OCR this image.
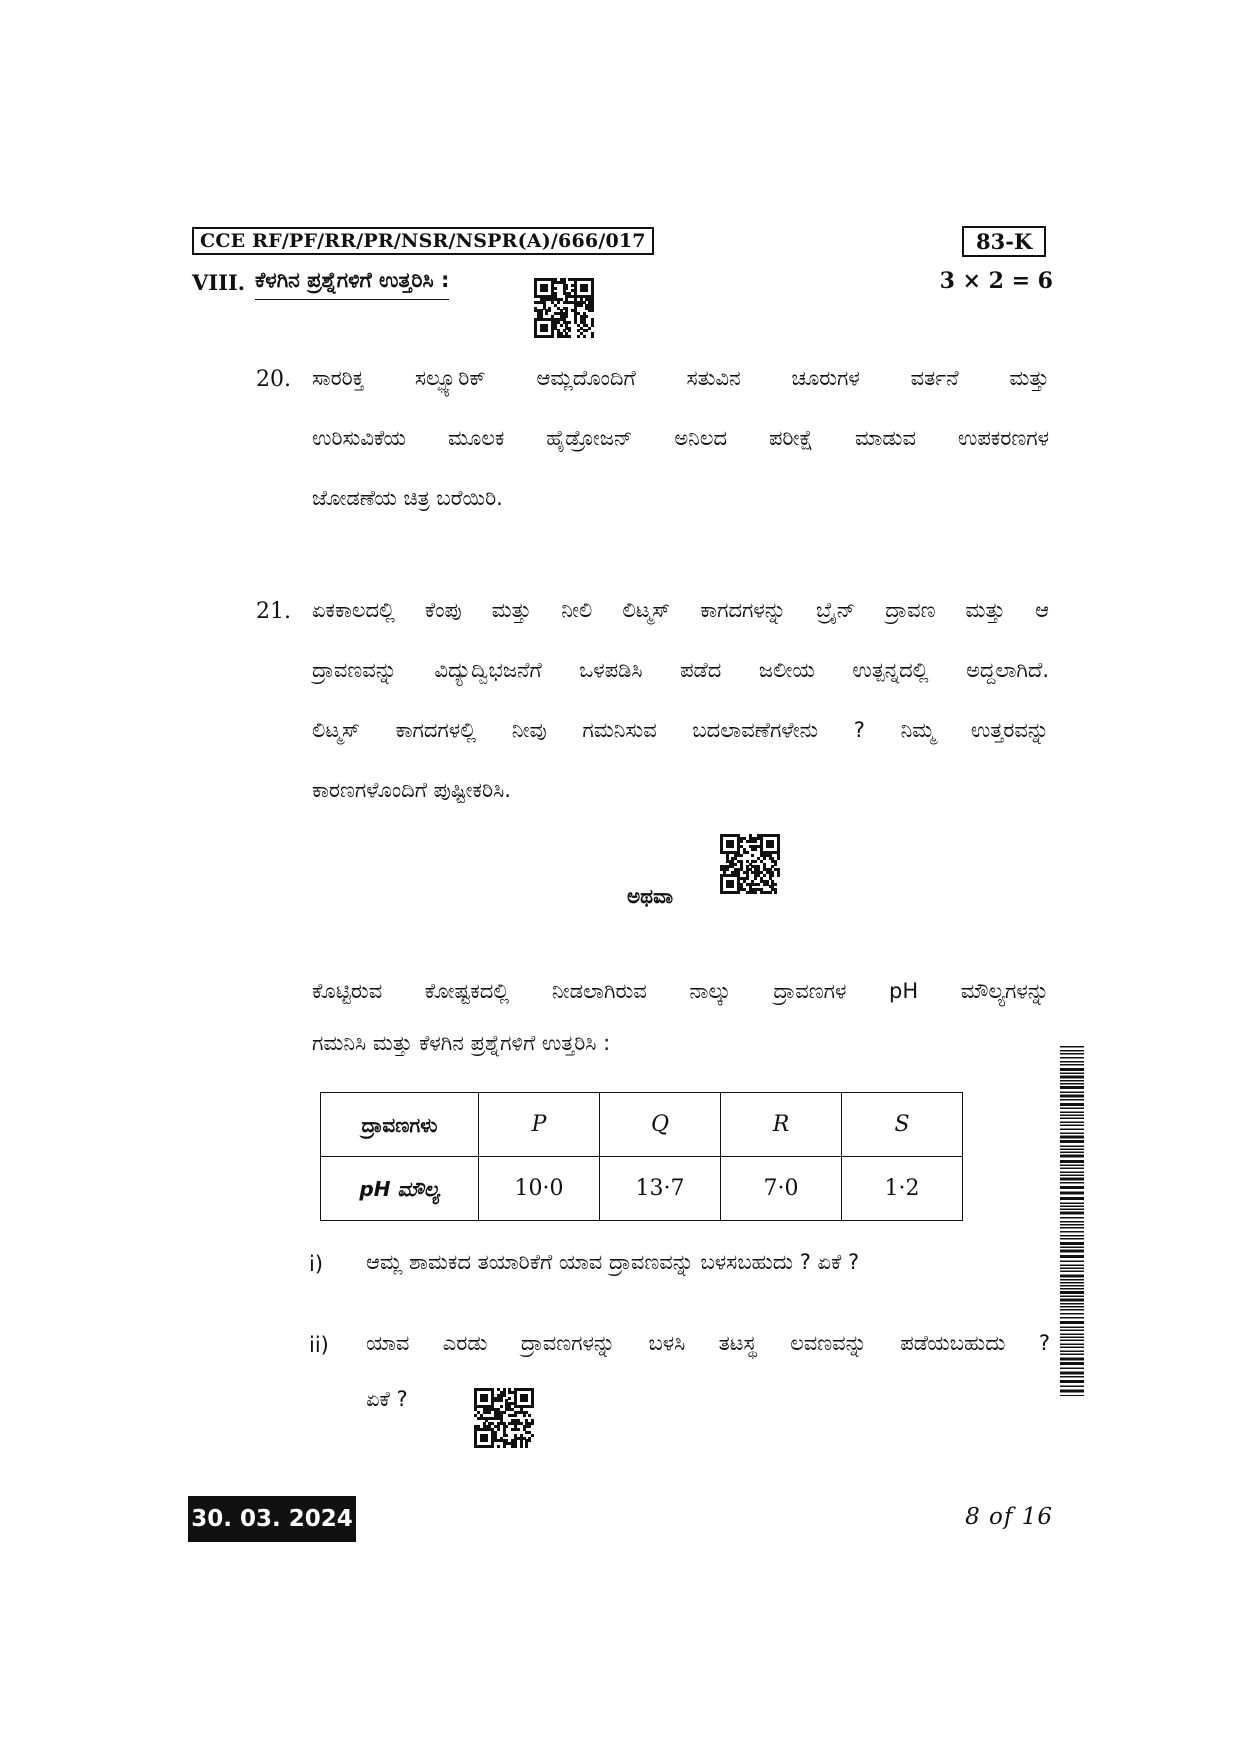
CCE RF/PF/RR/PR/NSR/NSPR(A)/666/017	83-K
VIII. ಕೆಳಗಿನ ಪ್ರಶ್ನೆಗಳಿಗೆ ಉತ್ತರಿಸಿ :	3 × 2 = 6
20. ಸಾರರಿಕ್ತ ಸಲ್ಫ್ಯೂರಿಕ್ ಆಮ್ಲದೊಂದಿಗೆ ಸತುವಿನ ಚೂರುಗಳ ವರ್ತನೆ ಮತ್ತು
ಉರಿಸುವಿಕೆಯ ಮೂಲಕ ಹೈಡ್ರೋಜನ್ ಅನಿಲದ ಪರೀಕ್ಷೆ ಮಾಡುವ ಉಪಕರಣಗಳ
ಜೋಡಣೆಯ ಚಿತ್ರ ಬರೆಯಿರಿ.
21. ಏಕಕಾಲದಲ್ಲಿ ಕೆಂಪು ಮತ್ತು ನೀಲಿ ಲಿಟ್ಮಸ್ ಕಾಗದಗಳನ್ನು ಬ್ರೈನ್ ದ್ರಾವಣ ಮತ್ತು ಆ
ದ್ರಾವಣವನ್ನು ವಿದ್ಯುದ್ವಿಭಜನೆಗೆ ಒಳಪಡಿಸಿ ಪಡೆದ ಜಲೀಯ ಉತ್ಪನ್ನದಲ್ಲಿ ಅದ್ದಲಾಗಿದೆ.
ಲಿಟ್ಮಸ್ ಕಾಗದಗಳಲ್ಲಿ ನೀವು ಗಮನಿಸುವ ಬದಲಾವಣೆಗಳೇನು ? ನಿಮ್ಮ ಉತ್ತರವನ್ನು
ಕಾರಣಗಳೊಂದಿಗೆ ಪುಷ್ಟೀಕರಿಸಿ.
ಅಥವಾ
ಕೊಟ್ಟಿರುವ ಕೋಷ್ಟಕದಲ್ಲಿ ನೀಡಲಾಗಿರುವ ನಾಲ್ಕು ದ್ರಾವಣಗಳ pH ಮೌಲ್ಯಗಳನ್ನು
ಗಮನಿಸಿ ಮತ್ತು ಕೆಳಗಿನ ಪ್ರಶ್ನೆಗಳಿಗೆ ಉತ್ತರಿಸಿ :
ದ್ರಾವಣಗಳು	P	Q	R	S
pH ಮೌಲ್ಯ	10·0	13·7	7·0	1·2
i) ಆಮ್ಲ ಶಾಮಕದ ತಯಾರಿಕೆಗೆ ಯಾವ ದ್ರಾವಣವನ್ನು ಬಳಸಬಹುದು ? ಏಕೆ ?
ii) ಯಾವ ಎರಡು ದ್ರಾವಣಗಳನ್ನು ಬಳಸಿ ತಟಸ್ಥ ಲವಣವನ್ನು ಪಡೆಯಬಹುದು ?
ಏಕೆ ?
30. 03. 2024	8 of 16
